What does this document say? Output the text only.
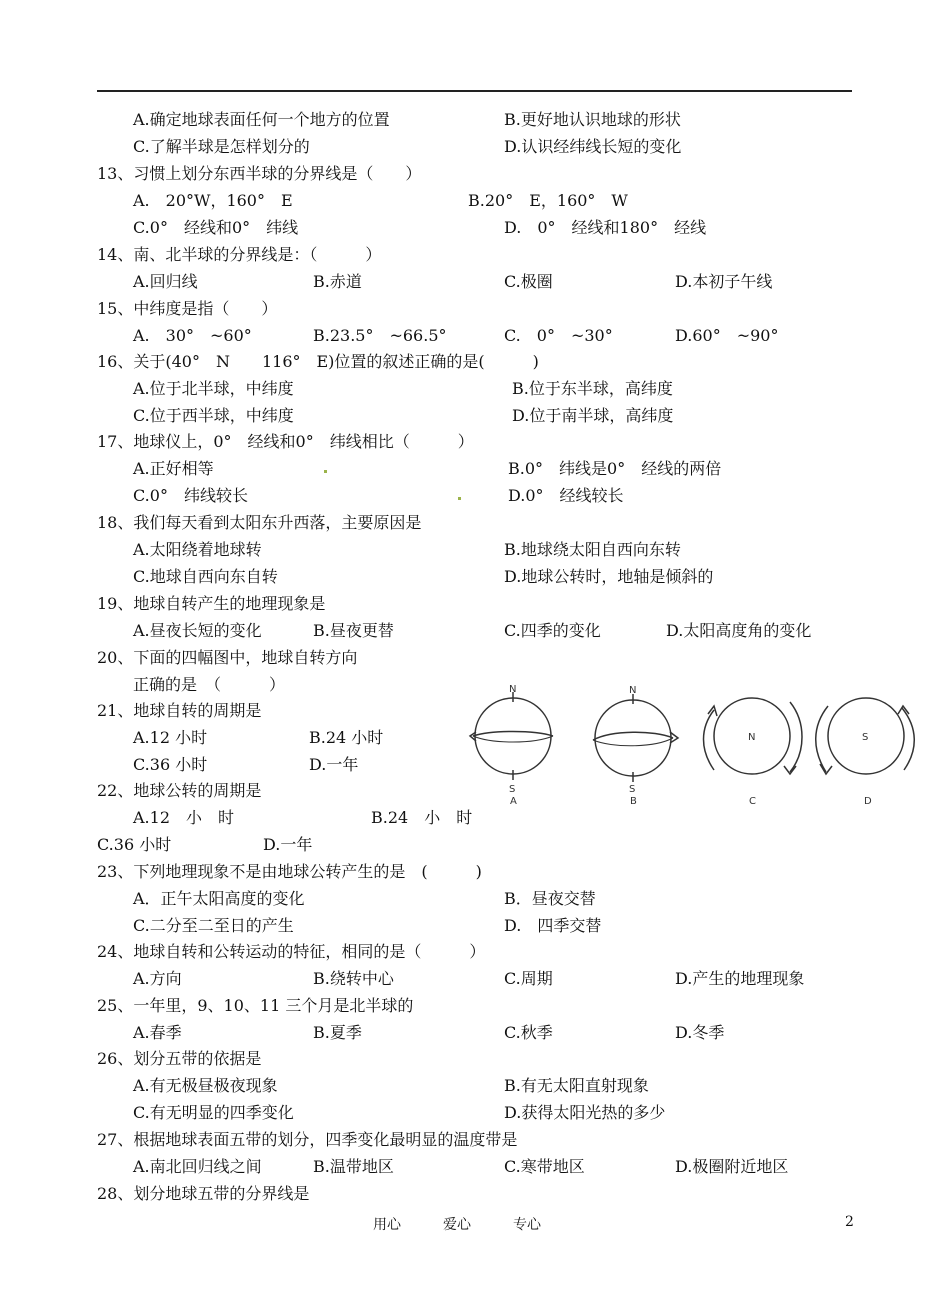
A.确定地球表面任何一个地方的位置	B.更好地认识地球的形状
C.了解半球是怎样划分的	D.认识经纬线长短的变化
13、习惯上划分东西半球的分界线是（　　）
A.　20°W，160°　E	B.20°　E，160°　W
C.0°　经线和0°　纬线	D.　0°　经线和180°　经线
14、南、北半球的分界线是：（　　　）
A.回归线	B.赤道	C.极圈	D.本初子午线
15、中纬度是指（　　）
A.　30°　~60°	B.23.5°　~66.5°	C.　0°　~30°	D.60°　~90°
16、关于(40°　N　　116°　E)位置的叙述正确的是(　　　)
A.位于北半球，中纬度	B.位于东半球，高纬度
C.位于西半球，中纬度	D.位于南半球，高纬度
17、地球仪上，0°　经线和0°　纬线相比（　　　）
A.正好相等	B.0°　纬线是0°　经线的两倍
C.0°　纬线较长	D.0°　经线较长
18、我们每天看到太阳东升西落，主要原因是
A.太阳绕着地球转	B.地球绕太阳自西向东转
C.地球自西向东自转	D.地球公转时，地轴是倾斜的
19、地球自转产生的地理现象是
A.昼夜长短的变化	B.昼夜更替	C.四季的变化	D.太阳高度角的变化
20、下面的四幅图中，地球自转方向
正确的是　（　　　）	N
S
A
N
S
B
N
C
S
D
21、地球自转的周期是
A.12 小时	B.24 小时
C.36 小时	D.一年
22、地球公转的周期是
A.12　小　时	B.24　小　时
C.36 小时	D.一年
23、下列地理现象不是由地球公转产生的是　(　　　)
A．正午太阳高度的变化	B．昼夜交替
C.二分至二至日的产生	D.　四季交替
24、地球自转和公转运动的特征，相同的是（　　　）
A.方向	B.绕转中心	C.周期	D.产生的地理现象
25、一年里，9、10、11 三个月是北半球的
A.春季	B.夏季	C.秋季	D.冬季
26、划分五带的依据是
A.有无极昼极夜现象	B.有无太阳直射现象
C.有无明显的四季变化	D.获得太阳光热的多少
27、根据地球表面五带的划分，四季变化最明显的温度带是
A.南北回归线之间	B.温带地区	C.寒带地区	D.极圈附近地区
28、划分地球五带的分界线是
用心　　　爱心　　　专心	2
